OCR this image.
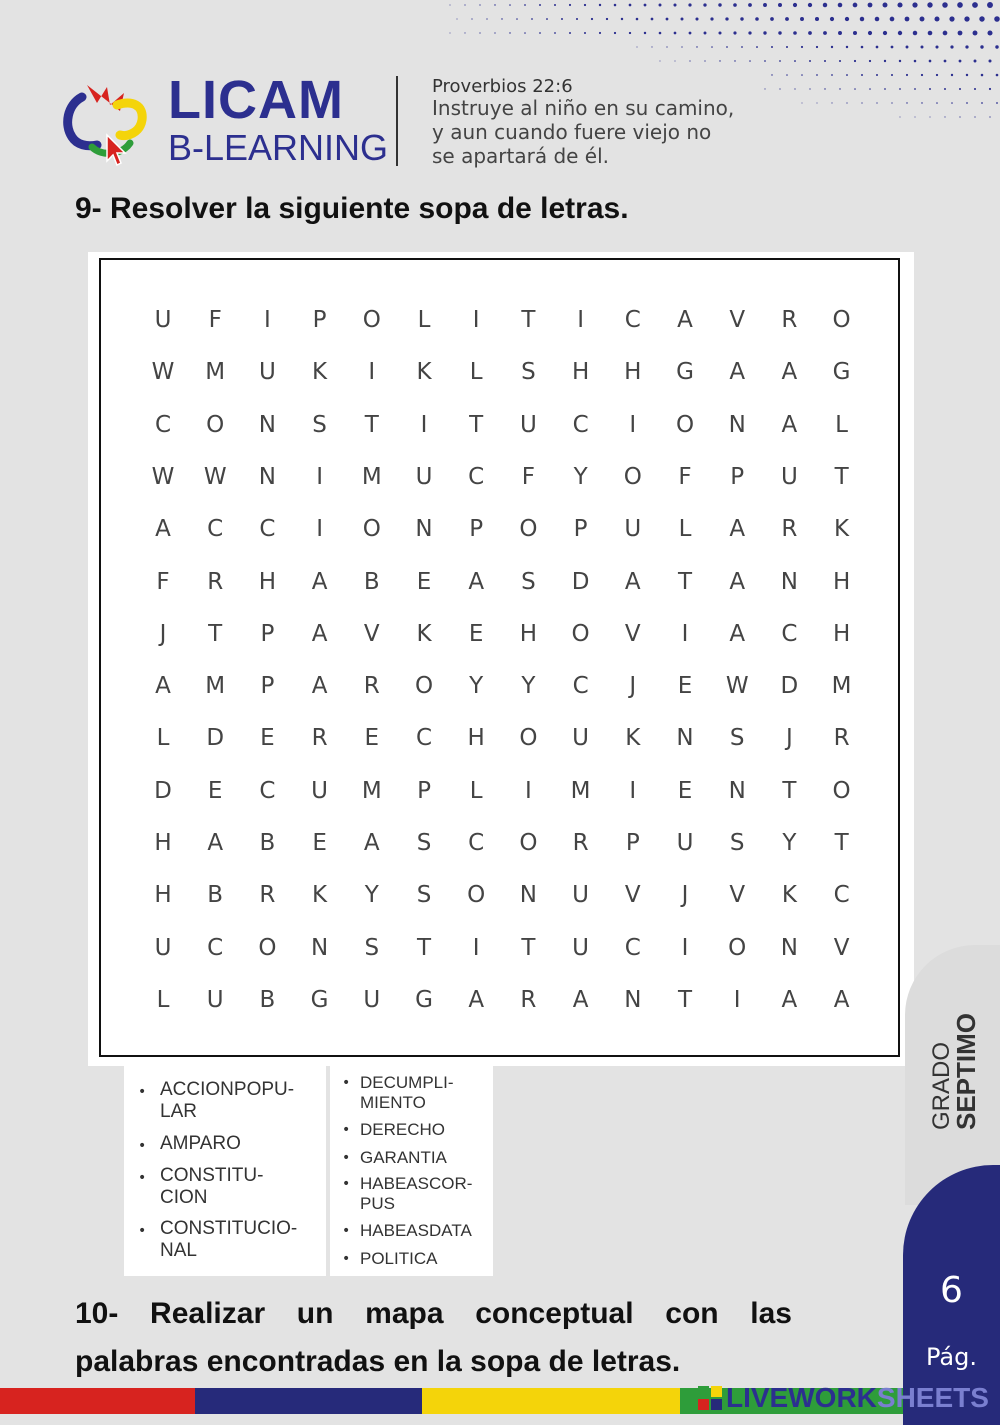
LICAM
B-LEARNING
Proverbios 22:6
Instruye al niño en su camino,
y aun cuando fuere viejo no
se apartará de él.
9- Resolver la siguiente sopa de letras.
U	F	I	P	O	L	I	T	I	C	A	V	R	O
W M U	K	I	K	L	S	H H G	A	A	G
C	O N	S	T	I	T	U	C	I	O N	A	L
W W N	I	M U	C	F	Y	O	F	P	U	T
A	C	C	I	O N	P	O	P	U	L	A	R	K
F	R	H	A	B	E	A	S	D	A	T	A	N H
J	T	P	A	V	K	E	H O	V	I	A	C	H
A	M	P	A	R	O	Y	Y	C	J	E	W D M
L	D	E	R	E	C	H O U	K	N	S	J	R
D	E	C	U M	P	L	I	M	I	E	N	T	O
H	A	B	E	A	S	C	O	R	P	U	S	Y	T
H	B	R	K	Y	S	O N U	V	J	V	K	C
U	C	O N	S	T	I	T	U	C	I	O N	V
L	U	B	G U G	A	R	A	N	T	I	A	A
• ACCIONPOPU-
LAR
• AMPARO
• CONSTITU-
CION
• CONSTITUCIO-
NAL
• DECUMPLI-
MIENTO
• DERECHO
• GARANTIA
• HABEASCOR-
PUS
• HABEASDATA
• POLITICA
10- Realizar un mapa conceptual con las
palabras encontradas en la sopa de letras.
GRADO
SEPTIMO
6
Pág.
LIVEWORKSHEETS
